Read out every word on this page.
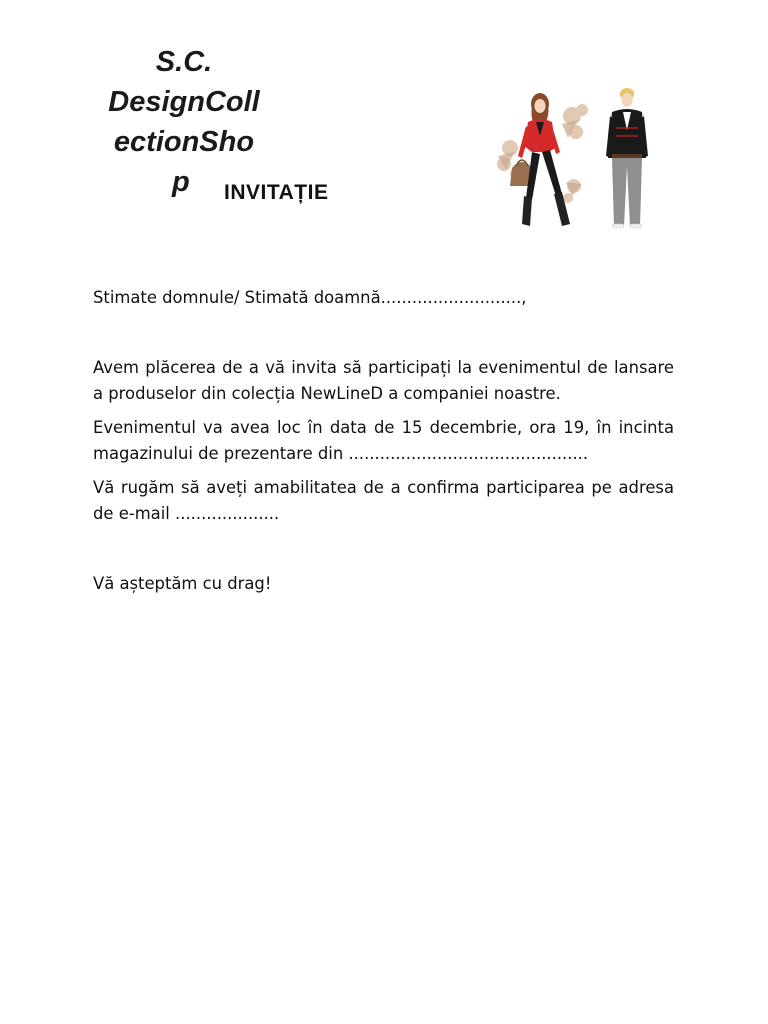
S.C.
DesignColl
ectionSho
p	INVITAȚIE

Stimate domnule/ Stimată doamnă...........................,

Avem plăcerea de a vă invita să participați la evenimentul de lansare a produselor din colecția NewLineD a companiei noastre.

Evenimentul va avea loc în data de 15 decembrie, ora 19, în incinta magazinului de prezentare din ..............................................

Vă rugăm să aveți amabilitatea de a confirma participarea pe adresa de e-mail ....................

Vă așteptăm cu drag!
